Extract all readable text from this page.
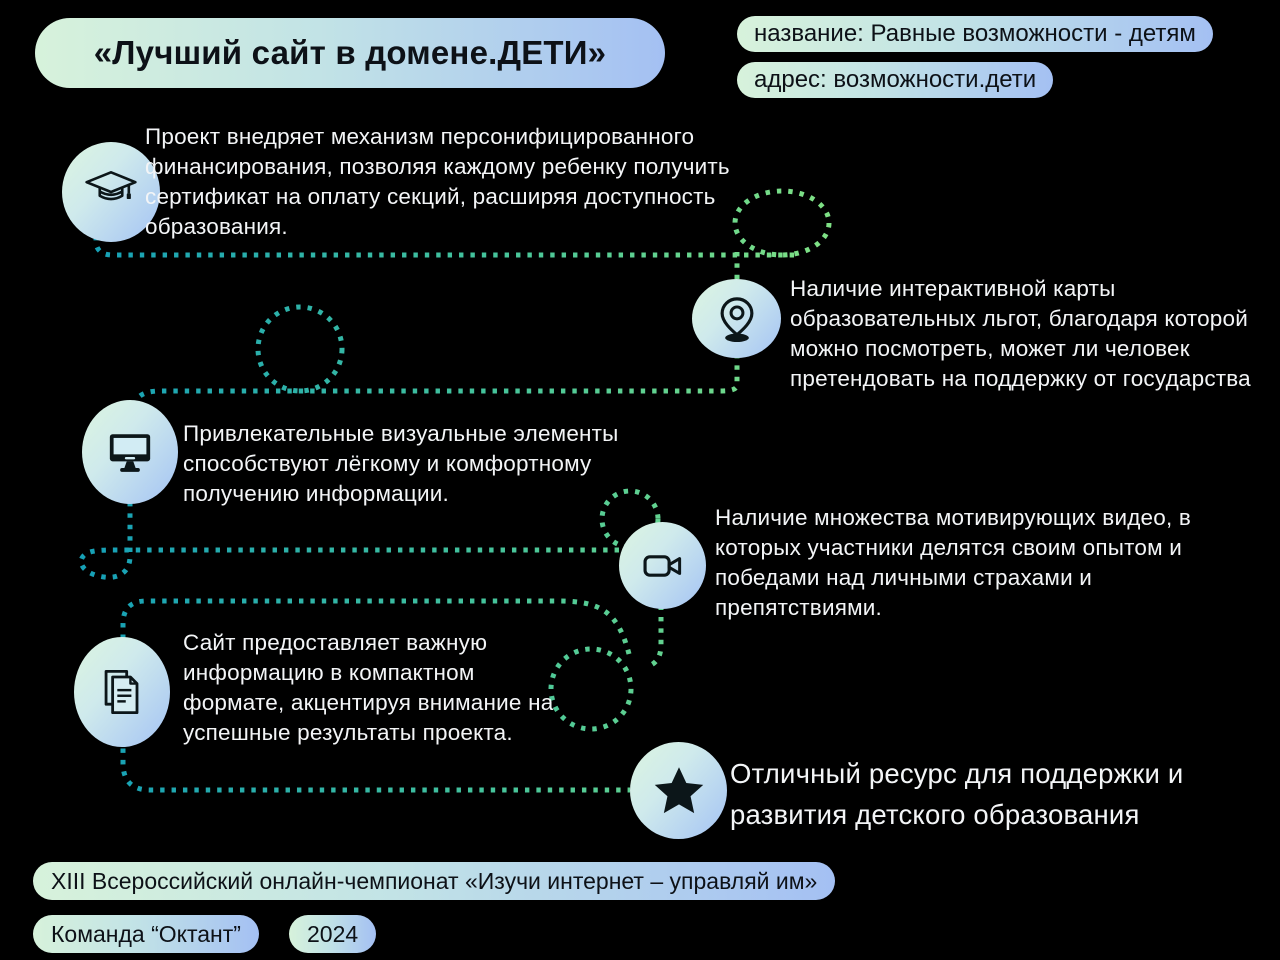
«Лучший сайт в домене.ДЕТИ»
название: Равные возможности - детям
адрес: возможности.дети
Проект внедряет механизм персонифицированного
финансирования, позволяя каждому ребенку получить
сертификат на оплату секций, расширяя доступность
образования.
Наличие интерактивной карты
образовательных льгот, благодаря которой
можно посмотреть, может ли человек
претендовать на поддержку от государства
Привлекательные визуальные элементы
способствуют лёгкому и комфортному
получению информации.
Наличие множества мотивирующих видео, в
которых участники делятся своим опытом и
победами над личными страхами и
препятствиями.
Сайт предоставляет важную
информацию в компактном
формате, акцентируя внимание на
успешные результаты проекта.
Отличный ресурс для поддержки и
развития детского образования
XIII Всероссийский онлайн-чемпионат «Изучи интернет – управляй им»
Команда “Октант”	2024
